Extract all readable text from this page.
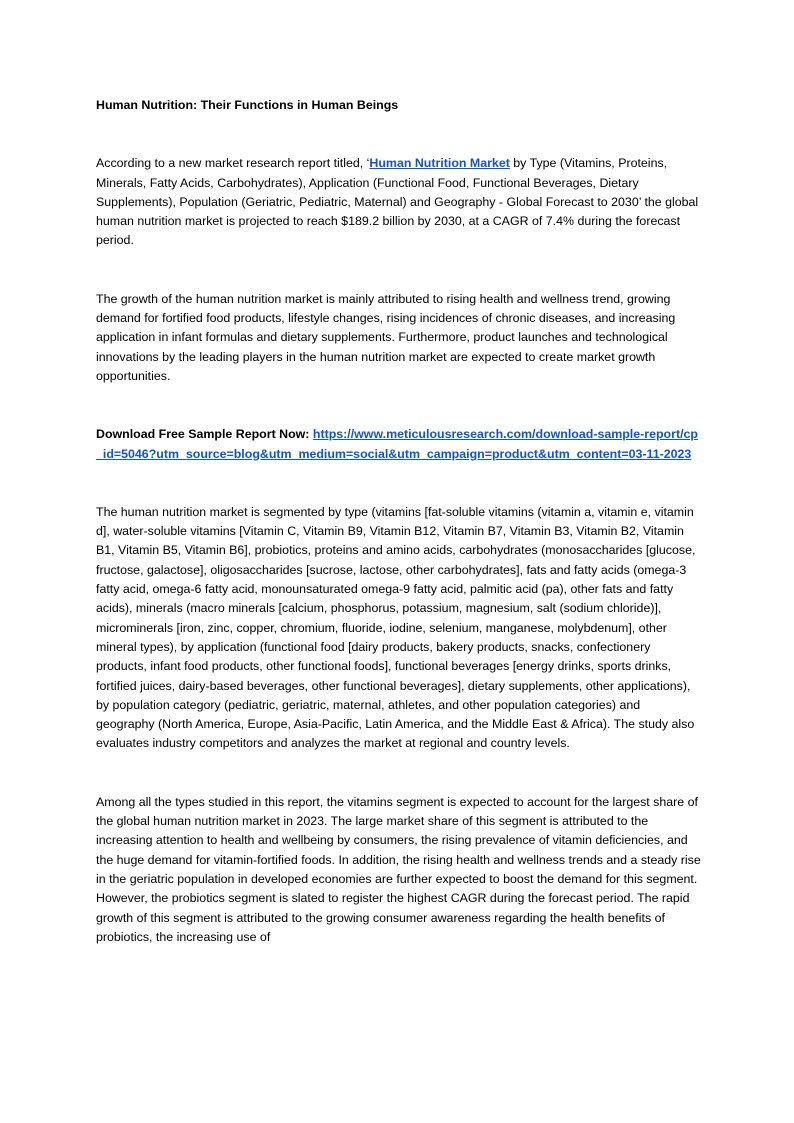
Human Nutrition: Their Functions in Human Beings

According to a new market research report titled, ‘Human Nutrition Market by Type (Vitamins, Proteins, Minerals, Fatty Acids, Carbohydrates), Application (Functional Food, Functional Beverages, Dietary Supplements), Population (Geriatric, Pediatric, Maternal) and Geography - Global Forecast to 2030’ the global human nutrition market is projected to reach $189.2 billion by 2030, at a CAGR of 7.4% during the forecast period.

The growth of the human nutrition market is mainly attributed to rising health and wellness trend, growing demand for fortified food products, lifestyle changes, rising incidences of chronic diseases, and increasing application in infant formulas and dietary supplements. Furthermore, product launches and technological innovations by the leading players in the human nutrition market are expected to create market growth opportunities.

Download Free Sample Report Now: https://www.meticulousresearch.com/download-sample-report/cp_id=5046?utm_source=blog&utm_medium=social&utm_campaign=product&utm_content=03-11-2023

The human nutrition market is segmented by type (vitamins [fat-soluble vitamins (vitamin a, vitamin e, vitamin d], water-soluble vitamins [Vitamin C, Vitamin B9, Vitamin B12, Vitamin B7, Vitamin B3, Vitamin B2, Vitamin B1, Vitamin B5, Vitamin B6], probiotics, proteins and amino acids, carbohydrates (monosaccharides [glucose, fructose, galactose], oligosaccharides [sucrose, lactose, other carbohydrates], fats and fatty acids (omega-3 fatty acid, omega-6 fatty acid, monounsaturated omega-9 fatty acid, palmitic acid (pa), other fats and fatty acids), minerals (macro minerals [calcium, phosphorus, potassium, magnesium, salt (sodium chloride)], microminerals [iron, zinc, copper, chromium, fluoride, iodine, selenium, manganese, molybdenum], other mineral types), by application (functional food [dairy products, bakery products, snacks, confectionery products, infant food products, other functional foods], functional beverages [energy drinks, sports drinks, fortified juices, dairy-based beverages, other functional beverages], dietary supplements, other applications), by population category (pediatric, geriatric, maternal, athletes, and other population categories) and geography (North America, Europe, Asia-Pacific, Latin America, and the Middle East & Africa). The study also evaluates industry competitors and analyzes the market at regional and country levels.

Among all the types studied in this report, the vitamins segment is expected to account for the largest share of the global human nutrition market in 2023. The large market share of this segment is attributed to the increasing attention to health and wellbeing by consumers, the rising prevalence of vitamin deficiencies, and the huge demand for vitamin-fortified foods. In addition, the rising health and wellness trends and a steady rise in the geriatric population in developed economies are further expected to boost the demand for this segment. However, the probiotics segment is slated to register the highest CAGR during the forecast period. The rapid growth of this segment is attributed to the growing consumer awareness regarding the health benefits of probiotics, the increasing use of
